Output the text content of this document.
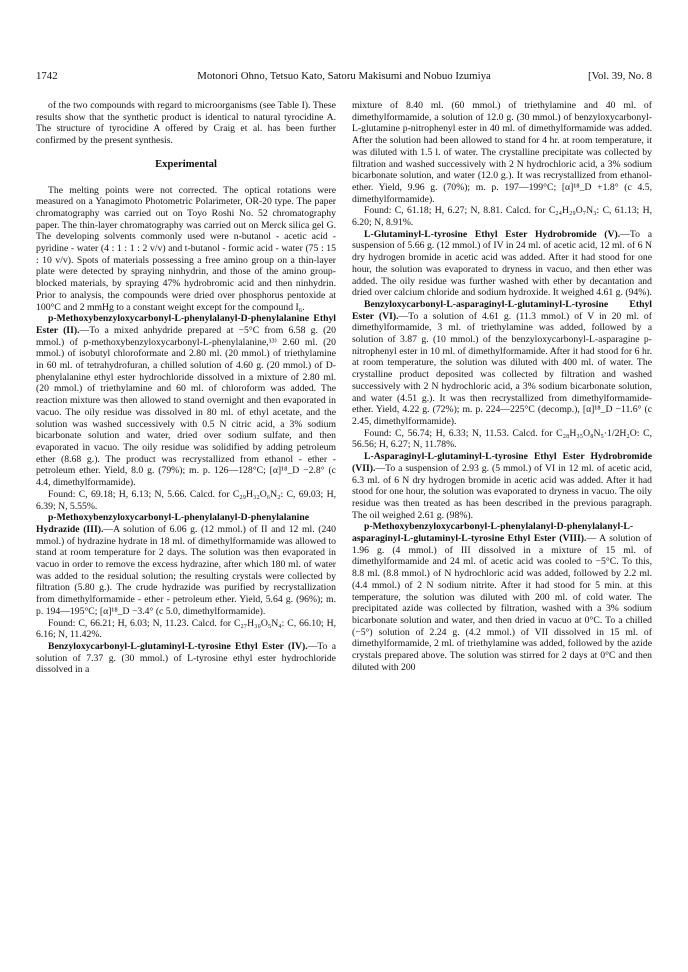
1742	Motonori Ohno, Tetsuo Kato, Satoru Makisumi and Nobuo Izumiya	[Vol. 39, No. 8

of the two compounds with regard to microorganisms (see Table I). These results show that the synthetic product is identical to natural tyrocidine A. The structure of tyrocidine A offered by Craig et al. has been further confirmed by the present synthesis.

Experimental

The melting points were not corrected. The optical rotations were measured on a Yanagimoto Photometric Polarimeter, OR-20 type. The paper chromatography was carried out on Toyo Roshi No. 52 chromatography paper. The thin-layer chromatography was carried out on Merck silica gel G. The developing solvents commonly used were n-butanol - acetic acid - pyridine - water (4 : 1 : 1 : 2 v/v) and t-butanol - formic acid - water (75 : 15 : 10 v/v). Spots of materials possessing a free amino group on a thin-layer plate were detected by spraying ninhydrin, and those of the amino group-blocked materials, by spraying 47% hydrobromic acid and then ninhydrin. Prior to analysis, the compounds were dried over phosphorus pentoxide at 100°C and 2 mmHg to a constant weight except for the compound I₆.

p-Methoxybenzyloxycarbonyl-L-phenylalanyl-D-phenylalanine Ethyl Ester (II).—To a mixed anhydride prepared at −5°C from 6.58 g. (20 mmol.) of p-methoxybenzyloxycarbonyl-L-phenylalanine,¹³⁾ 2.60 ml. (20 mmol.) of isobutyl chloroformate and 2.80 ml. (20 mmol.) of triethylamine in 60 ml. of tetrahydrofuran, a chilled solution of 4.60 g. (20 mmol.) of D-phenylalanine ethyl ester hydrochloride dissolved in a mixture of 2.80 ml. (20 mmol.) of triethylamine and 60 ml. of chloroform was added. The reaction mixture was then allowed to stand overnight and then evaporated in vacuo. The oily residue was dissolved in 80 ml. of ethyl acetate, and the solution was washed successively with 0.5 N citric acid, a 3% sodium bicarbonate solution and water, dried over sodium sulfate, and then evaporated in vacuo. The oily residue was solidified by adding petroleum ether (8.68 g.). The product was recrystallized from ethanol - ether - petroleum ether. Yield, 8.0 g. (79%); m. p. 126—128°C; [α]¹⁸_D −2.8° (c 4.4, dimethylformamide).

Found: C, 69.18; H, 6.13; N, 5.66. Calcd. for C₂₉H₃₂O₆N₂: C, 69.03; H, 6.39; N, 5.55%.

p-Methoxybenzyloxycarbonyl-L-phenylalanyl-D-phenylalanine Hydrazide (III).—A solution of 6.06 g. (12 mmol.) of II and 12 ml. (240 mmol.) of hydrazine hydrate in 18 ml. of dimethylformamide was allowed to stand at room temperature for 2 days. The solution was then evaporated in vacuo in order to remove the excess hydrazine, after which 180 ml. of water was added to the residual solution; the resulting crystals were collected by filtration (5.80 g.). The crude hydrazide was purified by recrystallization from dimethylformamide - ether - petroleum ether. Yield, 5.64 g. (96%); m. p. 194—195°C; [α]¹⁸_D −3.4° (c 5.0, dimethylformamide).

Found: C, 66.21; H, 6.03; N, 11.23. Calcd. for C₂₇H₃₀O₅N₄: C, 66.10; H, 6.16; N, 11.42%.

Benzyloxycarbonyl-L-glutaminyl-L-tyrosine Ethyl Ester (IV).—To a solution of 7.37 g. (30 mmol.) of L-tyrosine ethyl ester hydrochloride dissolved in a

mixture of 8.40 ml. (60 mmol.) of triethylamine and 40 ml. of dimethylformamide, a solution of 12.0 g. (30 mmol.) of benzyloxycarbonyl-L-glutamine p-nitrophenyl ester in 40 ml. of dimethylformamide was added. After the solution had been allowed to stand for 4 hr. at room temperature, it was diluted with 1.5 l. of water. The crystalline precipitate was collected by filtration and washed successively with 2 N hydrochloric acid, a 3% sodium bicarbonate solution, and water (12.0 g.). It was recrystallized from ethanol-ether. Yield, 9.96 g. (70%); m. p. 197—199°C; [α]¹⁸_D +1.8° (c 4.5, dimethylformamide).

Found: C, 61.18; H, 6.27; N, 8.81. Calcd. for C₂₄H₂₉O₇N₃: C, 61.13; H, 6.20; N, 8.91%.

L-Glutaminyl-L-tyrosine Ethyl Ester Hydrobromide (V).—To a suspension of 5.66 g. (12 mmol.) of IV in 24 ml. of acetic acid, 12 ml. of 6 N dry hydrogen bromide in acetic acid was added. After it had stood for one hour, the solution was evaporated to dryness in vacuo, and then ether was added. The oily residue was further washed with ether by decantation and dried over calcium chloride and sodium hydroxide. It weighed 4.61 g. (94%).

Benzyloxycarbonyl-L-asparaginyl-L-glutaminyl-L-tyrosine Ethyl Ester (VI).—To a solution of 4.61 g. (11.3 mmol.) of V in 20 ml. of dimethylformamide, 3 ml. of triethylamine was added, followed by a solution of 3.87 g. (10 mmol.) of the benzyloxycarbonyl-L-asparagine p-nitrophenyl ester in 10 ml. of dimethylformamide. After it had stood for 6 hr. at room temperature, the solution was diluted with 400 ml. of water. The crystalline product deposited was collected by filtration and washed successively with 2 N hydrochloric acid, a 3% sodium bicarbonate solution, and water (4.51 g.). It was then recrystallized from dimethylformamide-ether. Yield, 4.22 g. (72%); m. p. 224—225°C (decomp.), [α]¹⁸_D −11.6° (c 2.45, dimethylformamide).

Found: C, 56.74; H, 6.33; N, 11.53. Calcd. for C₂₈H₃₅O₈N₅·1/2H₂O: C, 56.56; H, 6.27; N, 11.78%.

L-Asparaginyl-L-glutaminyl-L-tyrosine Ethyl Ester Hydrobromide (VII).—To a suspension of 2.93 g. (5 mmol.) of VI in 12 ml. of acetic acid, 6.3 ml. of 6 N dry hydrogen bromide in acetic acid was added. After it had stood for one hour, the solution was evaporated to dryness in vacuo. The oily residue was then treated as has been described in the previous paragraph. The oil weighed 2.61 g. (98%).

p-Methoxybenzyloxycarbonyl-L-phenylalanyl-D-phenylalanyl-L-asparaginyl-L-glutaminyl-L-tyrosine Ethyl Ester (VIII).— A solution of 1.96 g. (4 mmol.) of III dissolved in a mixture of 15 ml. of dimethylformamide and 24 ml. of acetic acid was cooled to −5°C. To this, 8.8 ml. (8.8 mmol.) of N hydrochloric acid was added, followed by 2.2 ml. (4.4 mmol.) of 2 N sodium nitrite. After it had stood for 5 min. at this temperature, the solution was diluted with 200 ml. of cold water. The precipitated azide was collected by filtration, washed with a 3% sodium bicarbonate solution and water, and then dried in vacuo at 0°C. To a chilled (−5°) solution of 2.24 g. (4.2 mmol.) of VII dissolved in 15 ml. of dimethylformamide, 2 ml. of triethylamine was added, followed by the azide crystals prepared above. The solution was stirred for 2 days at 0°C and then diluted with 200
